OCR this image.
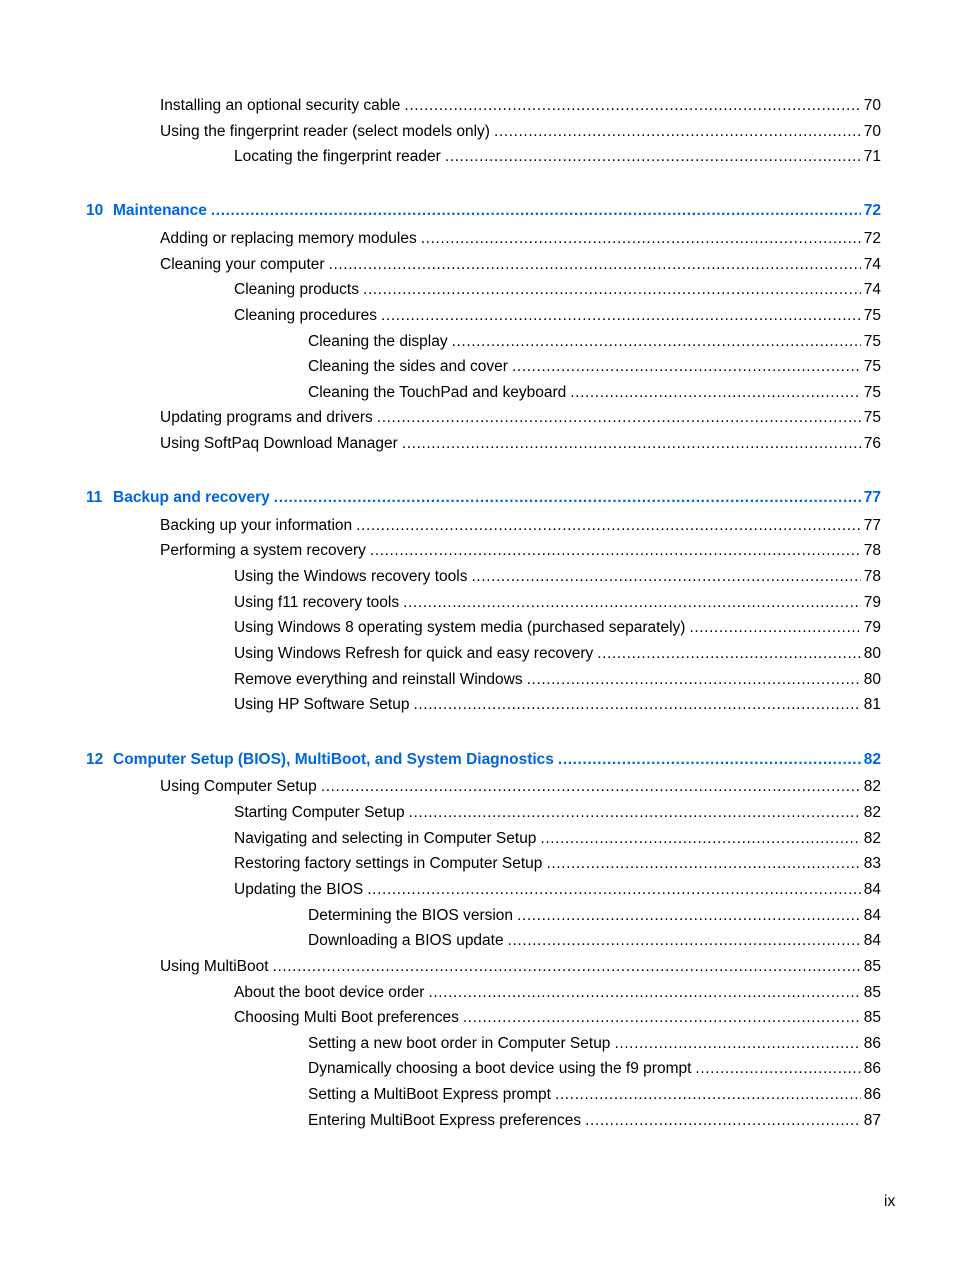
Installing an optional security cable .....	70
Using the fingerprint reader (select models only) .....	70
Locating the fingerprint reader .....	71
10 Maintenance .....	72
Adding or replacing memory modules .....	72
Cleaning your computer .....	74
Cleaning products .....	74
Cleaning procedures .....	75
Cleaning the display .....	75
Cleaning the sides and cover .....	75
Cleaning the TouchPad and keyboard .....	75
Updating programs and drivers .....	75
Using SoftPaq Download Manager .....	76
11 Backup and recovery .....	77
Backing up your information .....	77
Performing a system recovery .....	78
Using the Windows recovery tools .....	78
Using f11 recovery tools .....	79
Using Windows 8 operating system media (purchased separately) .....	79
Using Windows Refresh for quick and easy recovery .....	80
Remove everything and reinstall Windows .....	80
Using HP Software Setup .....	81
12 Computer Setup (BIOS), MultiBoot, and System Diagnostics .....	82
Using Computer Setup .....	82
Starting Computer Setup .....	82
Navigating and selecting in Computer Setup .....	82
Restoring factory settings in Computer Setup .....	83
Updating the BIOS .....	84
Determining the BIOS version .....	84
Downloading a BIOS update .....	84
Using MultiBoot .....	85
About the boot device order .....	85
Choosing Multi Boot preferences .....	85
Setting a new boot order in Computer Setup .....	86
Dynamically choosing a boot device using the f9 prompt .....	86
Setting a MultiBoot Express prompt .....	86
Entering MultiBoot Express preferences .....	87
ix
